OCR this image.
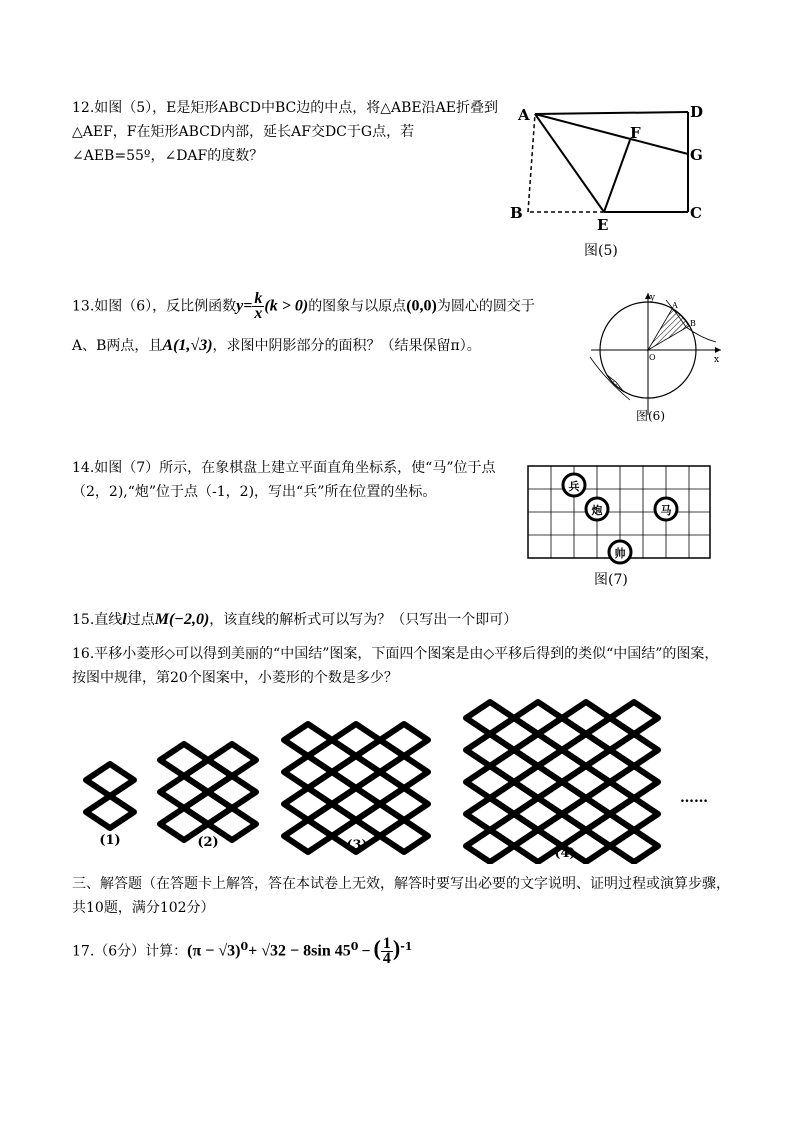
12.如图（5），E是矩形ABCD中BC边的中点，将△ABE沿AE折叠到△AEF，F在矩形ABCD内部，延长AF交DC于G点，若∠AEB=55º，∠DAF的度数？
A
B	C
D
E
F
G
图(5)
13.如图（6），反比例函数$y= \frac{k}{x} (k > 0)$的图象与以原点(0,0)为圆心的圆交于
A、B两点，且A(1,√3)，求图中阴影部分的面积？（结果保留π）。
y
x
A
B
O
图(6)
14.如图（7）所示，在象棋盘上建立平面直角坐标系，使“马”位于点（2，2),“炮”位于点（-1，2)，写出“兵”所在位置的坐标。	兵
炮	马
帅
图(7)
15.直线l过点M(−2,0)，该直线的解析式可以写为？（只写出一个即可）
16.平移小菱形◇可以得到美丽的“中国结”图案，下面四个图案是由◇平移后得到的类似“中国结”的图案，按图中规律，第20个图案中，小菱形的个数是多少？
(1)	(2)	(3)
(4)
……
三、解答题（在答题卡上解答，答在本试卷上无效，解答时要写出必要的文字说明、证明过程或演算步骤，共10题，满分102分）
17.（6分）计算：$(\pi - √3)^0+ √32 - 8\sin$ $45^0$ − ( $\frac{1}{4} )^{-1}$
